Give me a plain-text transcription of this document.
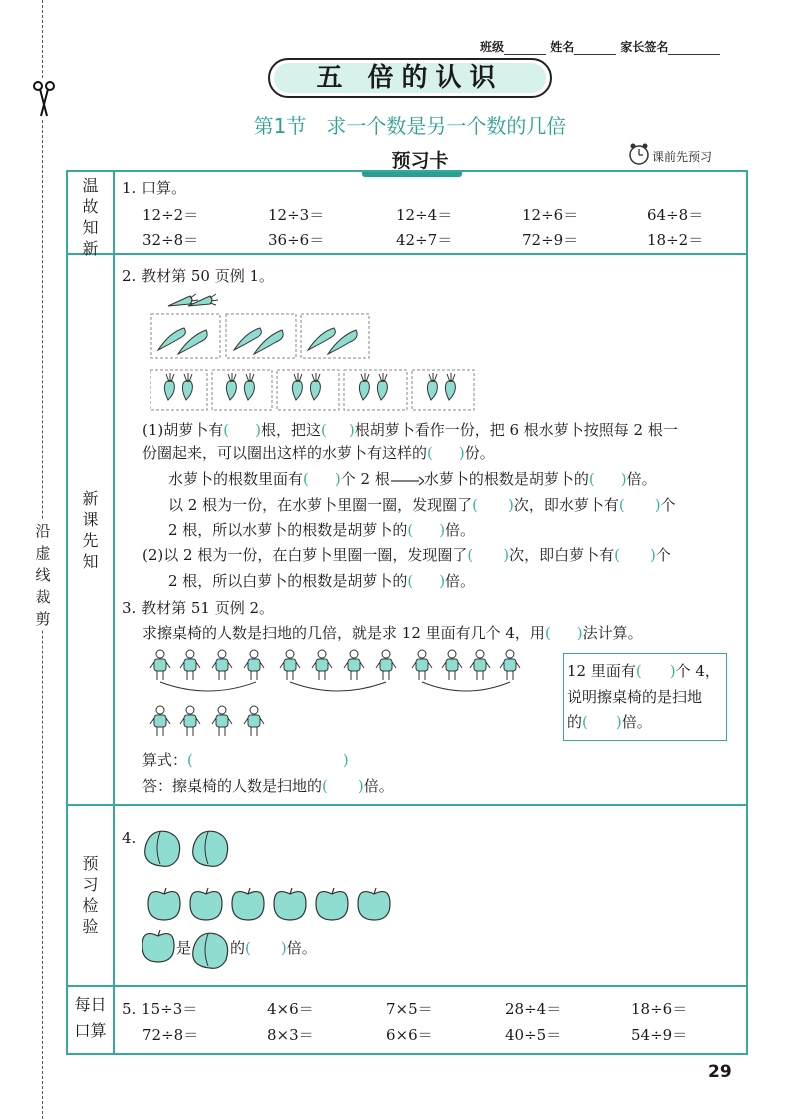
班级	姓名	家长签名
五 倍的认识
第1节　求一个数是另一个数的几倍
预习卡	课前先预习
沿
虚
线
裁
剪
温
故
知
新
新
课
先
知
预
习
检
验
每日
口算
1. 口算。
12÷2＝	12÷3＝	12÷4＝	12÷6＝	64÷8＝
32÷8＝	36÷6＝	42÷7＝	72÷9＝	18÷2＝
2. 教材第 50 页例 1。
(1)胡萝卜有( )根，把这( )根胡萝卜看作一份，把 6 根水萝卜按照每 2 根一
份圈起来，可以圈出这样的水萝卜有这样的( )份。
水萝卜的根数里面有( )个 2 根 水萝卜的根数是胡萝卜的( )倍。
以 2 根为一份，在水萝卜里圈一圈，发现圈了( )次，即水萝卜有( )个
2 根，所以水萝卜的根数是胡萝卜的( )倍。
(2)以 2 根为一份，在白萝卜里圈一圈，发现圈了( )次，即白萝卜有( )个
2 根，所以白萝卜的根数是胡萝卜的( )倍。
3. 教材第 51 页例 2。
求擦桌椅的人数是扫地的几倍，就是求 12 里面有几个 4，用( )法计算。
12 里面有( )个 4，
说明擦桌椅的是扫地
的( )倍。
算式：(	)
答：擦桌椅的人数是扫地的( )倍。
4.
是	的( )倍。
5. 15÷3＝	4×6＝	7×5＝	28÷4＝	18÷6＝
72÷8＝	8×3＝	6×6＝	40÷5＝	54÷9＝
29
